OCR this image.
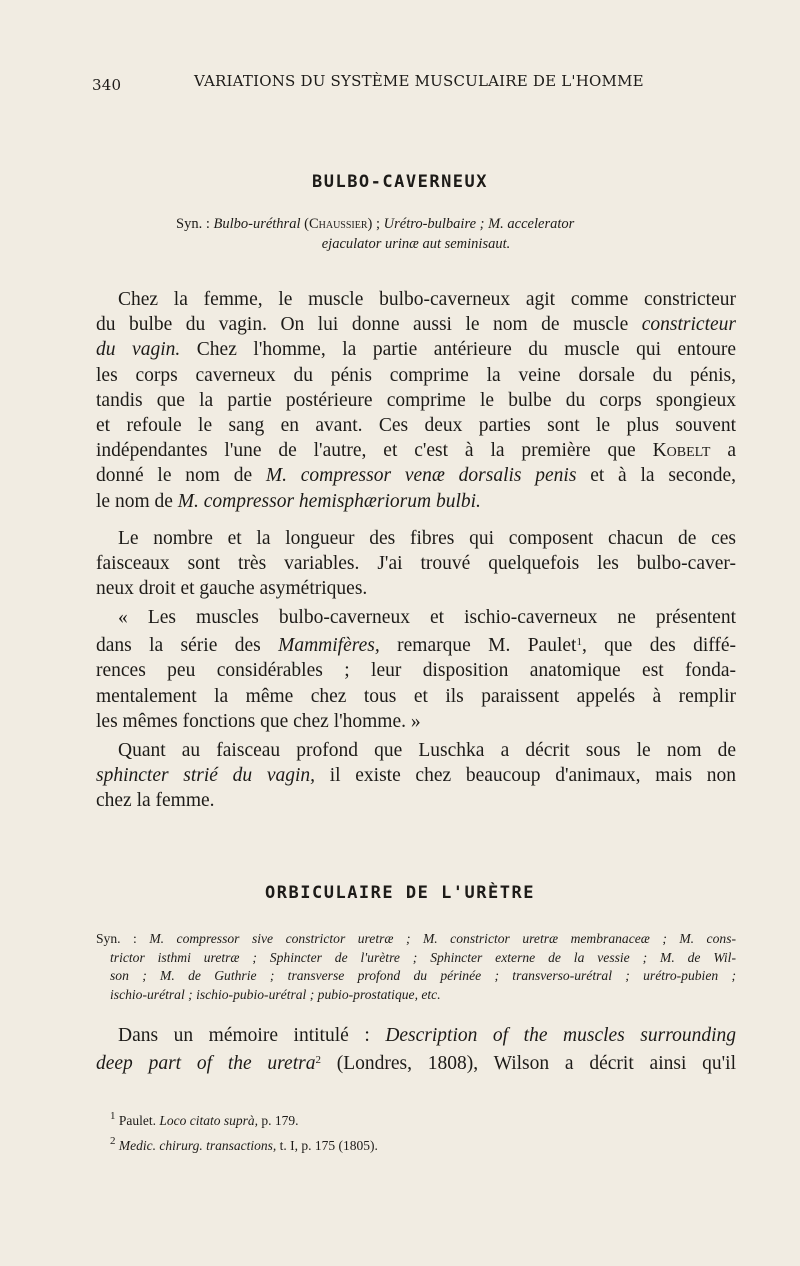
340	VARIATIONS DU SYSTÈME MUSCULAIRE DE L'HOMME
BULBO-CAVERNEUX
Syn. : Bulbo-uréthral (Chaussier) ; Urétro-bulbaire ; M. accelerator
ejaculator urinæ aut seminisaut.
Chez la femme, le muscle bulbo-caverneux agit comme constricteur
du bulbe du vagin. On lui donne aussi le nom de muscle constricteur
du vagin. Chez l'homme, la partie antérieure du muscle qui entoure
les corps caverneux du pénis comprime la veine dorsale du pénis,
tandis que la partie postérieure comprime le bulbe du corps spongieux
et refoule le sang en avant. Ces deux parties sont le plus souvent
indépendantes l'une de l'autre, et c'est à la première que Kobelt a
donné le nom de M. compressor venæ dorsalis penis et à la seconde,
le nom de M. compressor hemisphæriorum bulbi.
Le nombre et la longueur des fibres qui composent chacun de ces
faisceaux sont très variables. J'ai trouvé quelquefois les bulbo-caver-
neux droit et gauche asymétriques.
« Les muscles bulbo-caverneux et ischio-caverneux ne présentent
dans la série des Mammifères, remarque M. Paulet$^1$, que des diffé-
rences peu considérables ; leur disposition anatomique est fonda-
mentalement la même chez tous et ils paraissent appelés à remplir
les mêmes fonctions que chez l'homme. »
Quant au faisceau profond que Luschka a décrit sous le nom de
sphincter strié du vagin, il existe chez beaucoup d'animaux, mais non
chez la femme.
ORBICULAIRE DE L'URÈTRE
Syn. : M. compressor sive constrictor uretræ ; M. constrictor uretræ membranaceæ ; M. cons-
trictor isthmi uretræ ; Sphincter de l'urètre ; Sphincter externe de la vessie ; M. de Wil-
son ; M. de Guthrie ; transverse profond du périnée ; transverso-urétral ; urétro-pubien ;
ischio-urétral ; ischio-pubio-urétral ; pubio-prostatique, etc.
Dans un mémoire intitulé : Description of the muscles surrounding
deep part of the uretra$^2$ (Londres, 1808), Wilson a décrit ainsi qu'il
$^1$ Paulet. Loco citato suprà, p. 179.
$^2$ Medic. chirurg. transactions, t. I, p. 175 (1805).
